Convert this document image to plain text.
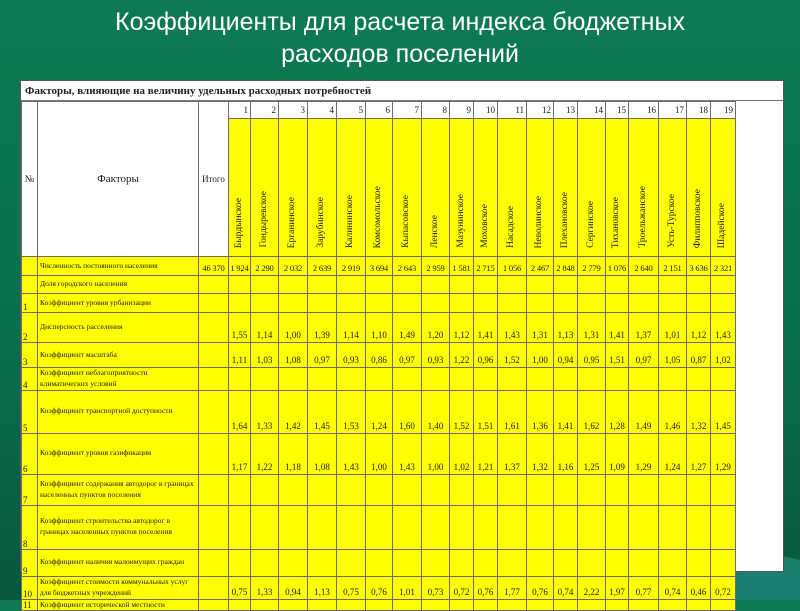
Коэффициенты для расчета индекса бюджетных
расходов поселений
Факторы, влияющие на величину удельных расходных потребностей
№	Факторы	Итого	1	2	3	4	5	6	7	8	9	10	11	12	13	14	15	16	17	18	19
			Бырдынское	Гондыревское	Ерганинское	Зарубинское	Калининское	Комсомольское	Кыпасовское	Ленское	Мазунинское	Моховское	Насадское	Неволинское	Плехановское	Сергинское	Тихановское	Троельжанское	Усть-Турское	Филипповское	Шадейское
	Численность постоянного населения	46 370	1 924	2 290	2 032	2 639	2 919	3 694	2 643	2 959	1 581	2 715	1 056	2 467	2 848	2 779	1 076	2 640	2 151	3 636	2 321
	Доля городского населения																				
1	Коэффициент уровня урбанизации																				
2	Дисперсность расселения		1,55	1,14	1,00	1,39	1,14	1,10	1,49	1,20	1,12	1,41	1,43	1,31	1,13	1,31	1,41	1,37	1,01	1,12	1,43
3	Коэффициент масштаба		1,11	1,03	1,08	0,97	0,93	0,86	0,97	0,93	1,22	0,96	1,52	1,00	0,94	0,95	1,51	0,97	1,05	0,87	1,02
4	Коэффициент неблагоприятности климатических условий																				
5	Коэффициент транспортной доступности		1,64	1,33	1,42	1,45	1,53	1,24	1,60	1,40	1,52	1,51	1,61	1,36	1,41	1,62	1,28	1,49	1,46	1,32	1,45
6	Коэффициент уровня газификации		1,17	1,22	1,18	1,08	1,43	1,00	1,43	1,00	1,02	1,21	1,37	1,32	1,16	1,25	1,09	1,29	1,24	1,27	1,29
7	Коэффициент содержания автодорог в границах населенных пунктов поселения																				
8	Коэффициент строительства автодорог в границах населенных пунктов поселения																				
9	Коэффициент наличия малоимущих граждан																				
10	Коэффициент стоимости коммунальных услуг для бюджетных учреждений		0,75	1,33	0,94	1,13	0,75	0,76	1,01	0,73	0,72	0,76	1,77	0,76	0,74	2,22	1,97	0,77	0,74	0,46	0,72
11	Коэффициент исторической местности																				
